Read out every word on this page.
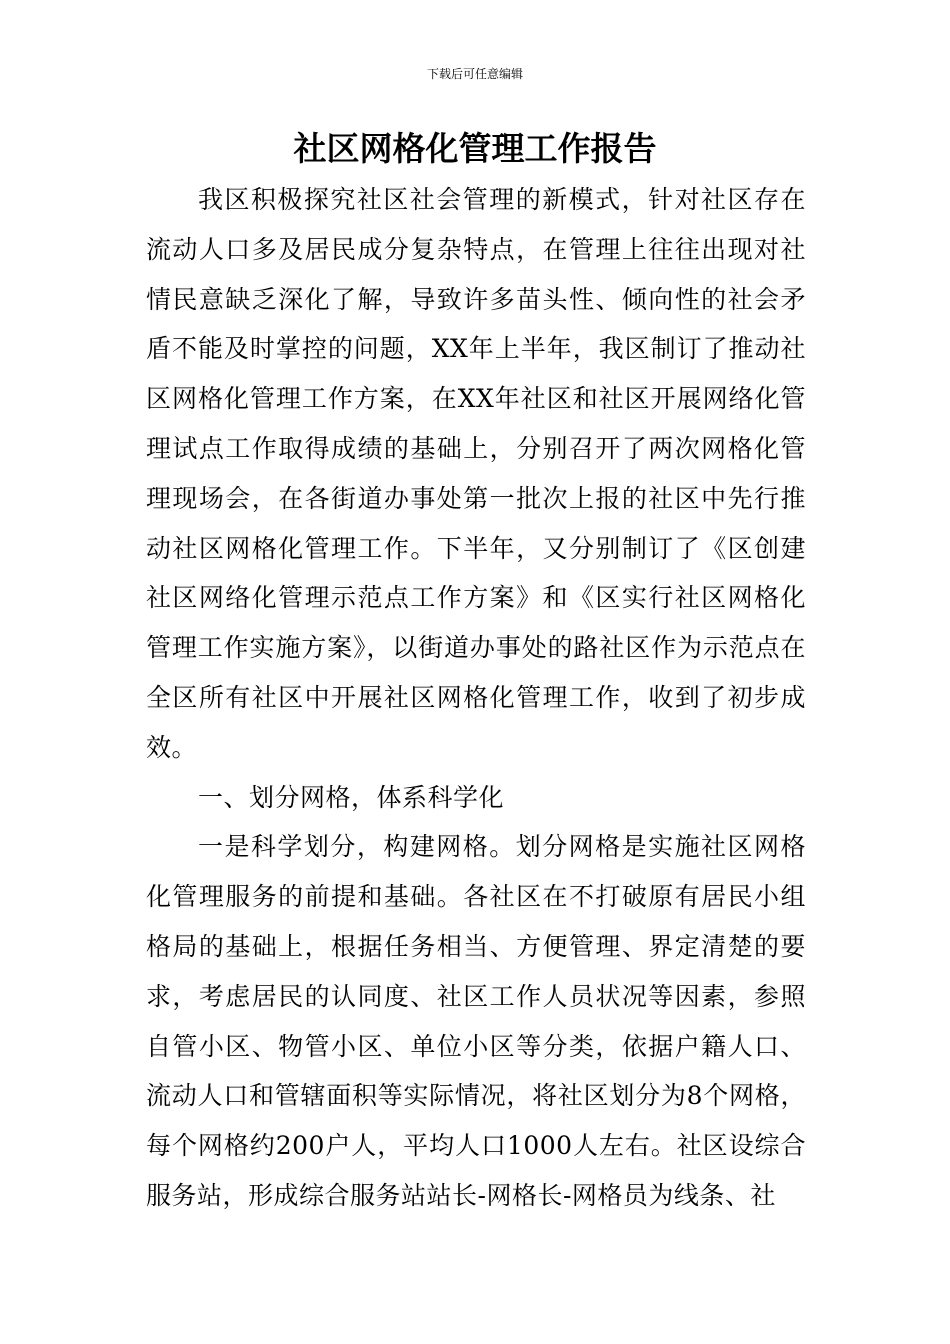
下载后可任意编辑
社区网格化管理工作报告

我区积极探究社区社会管理的新模式，针对社区存在流动人口多及居民成分复杂特点，在管理上往往出现对社情民意缺乏深化了解，导致许多苗头性、倾向性的社会矛盾不能及时掌控的问题，XX年上半年，我区制订了推动社区网格化管理工作方案，在XX年社区和社区开展网络化管理试点工作取得成绩的基础上，分别召开了两次网格化管理现场会，在各街道办事处第一批次上报的社区中先行推动社区网格化管理工作。下半年，又分别制订了《区创建社区网络化管理示范点工作方案》和《区实行社区网格化管理工作实施方案》，以街道办事处的路社区作为示范点在全区所有社区中开展社区网格化管理工作，收到了初步成效。

一、划分网格，体系科学化

一是科学划分，构建网格。划分网格是实施社区网格化管理服务的前提和基础。各社区在不打破原有居民小组格局的基础上，根据任务相当、方便管理、界定清楚的要求，考虑居民的认同度、社区工作人员状况等因素，参照自管小区、物管小区、单位小区等分类，依据户籍人口、流动人口和管辖面积等实际情况，将社区划分为8个网格，每个网格约200户人，平均人口1000人左右。社区设综合服务站，形成综合服务站站长-网格长-网格员为线条、社
